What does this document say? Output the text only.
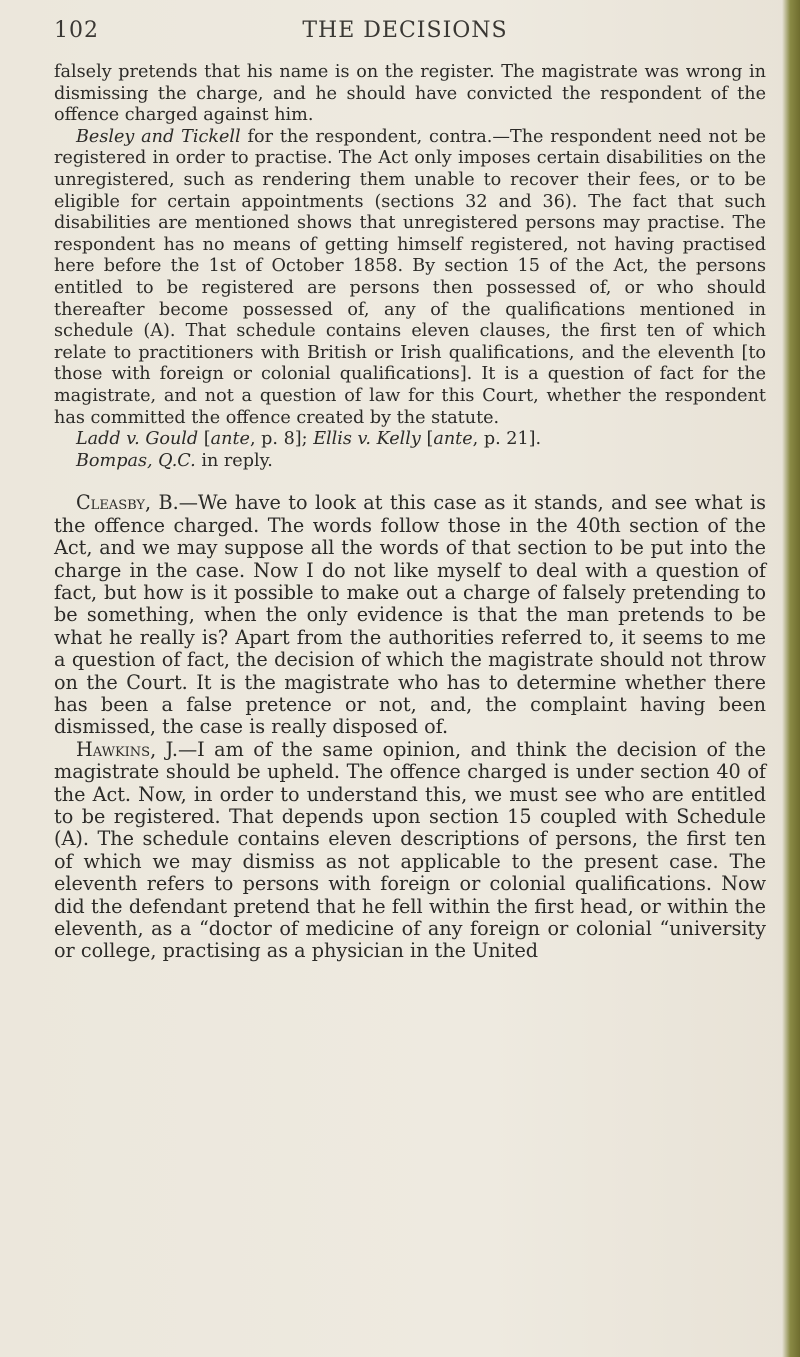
102	THE DECISIONS

falsely pretends that his name is on the register. The magistrate was wrong in dismissing the charge, and he should have convicted the respondent of the offence charged against him.

Besley and Tickell for the respondent, contra.—The respondent need not be registered in order to practise. The Act only imposes certain disabilities on the unregistered, such as rendering them unable to recover their fees, or to be eligible for certain appointments (sections 32 and 36). The fact that such disabilities are mentioned shows that unregistered persons may practise. The respondent has no means of getting himself registered, not having practised here before the 1st of October 1858. By section 15 of the Act, the persons entitled to be registered are persons then possessed of, or who should thereafter become possessed of, any of the qualifications mentioned in schedule (A). That schedule contains eleven clauses, the first ten of which relate to practitioners with British or Irish qualifications, and the eleventh [to those with foreign or colonial qualifications]. It is a question of fact for the magistrate, and not a question of law for this Court, whether the respondent has committed the offence created by the statute.

Ladd v. Gould [ante, p. 8]; Ellis v. Kelly [ante, p. 21].

Bompas, Q.C. in reply.

Cleasby, B.—We have to look at this case as it stands, and see what is the offence charged. The words follow those in the 40th section of the Act, and we may suppose all the words of that section to be put into the charge in the case. Now I do not like myself to deal with a question of fact, but how is it possible to make out a charge of falsely pretending to be something, when the only evidence is that the man pretends to be what he really is? Apart from the authorities referred to, it seems to me a question of fact, the decision of which the magistrate should not throw on the Court. It is the magistrate who has to determine whether there has been a false pretence or not, and, the complaint having been dismissed, the case is really disposed of.

Hawkins, J.—I am of the same opinion, and think the decision of the magistrate should be upheld. The offence charged is under section 40 of the Act. Now, in order to understand this, we must see who are entitled to be registered. That depends upon section 15 coupled with Schedule (A). The schedule contains eleven descriptions of persons, the first ten of which we may dismiss as not applicable to the present case. The eleventh refers to persons with foreign or colonial qualifications. Now did the defendant pretend that he fell within the first head, or within the eleventh, as a “doctor of medicine of any foreign or colonial “university or college, practising as a physician in the United
